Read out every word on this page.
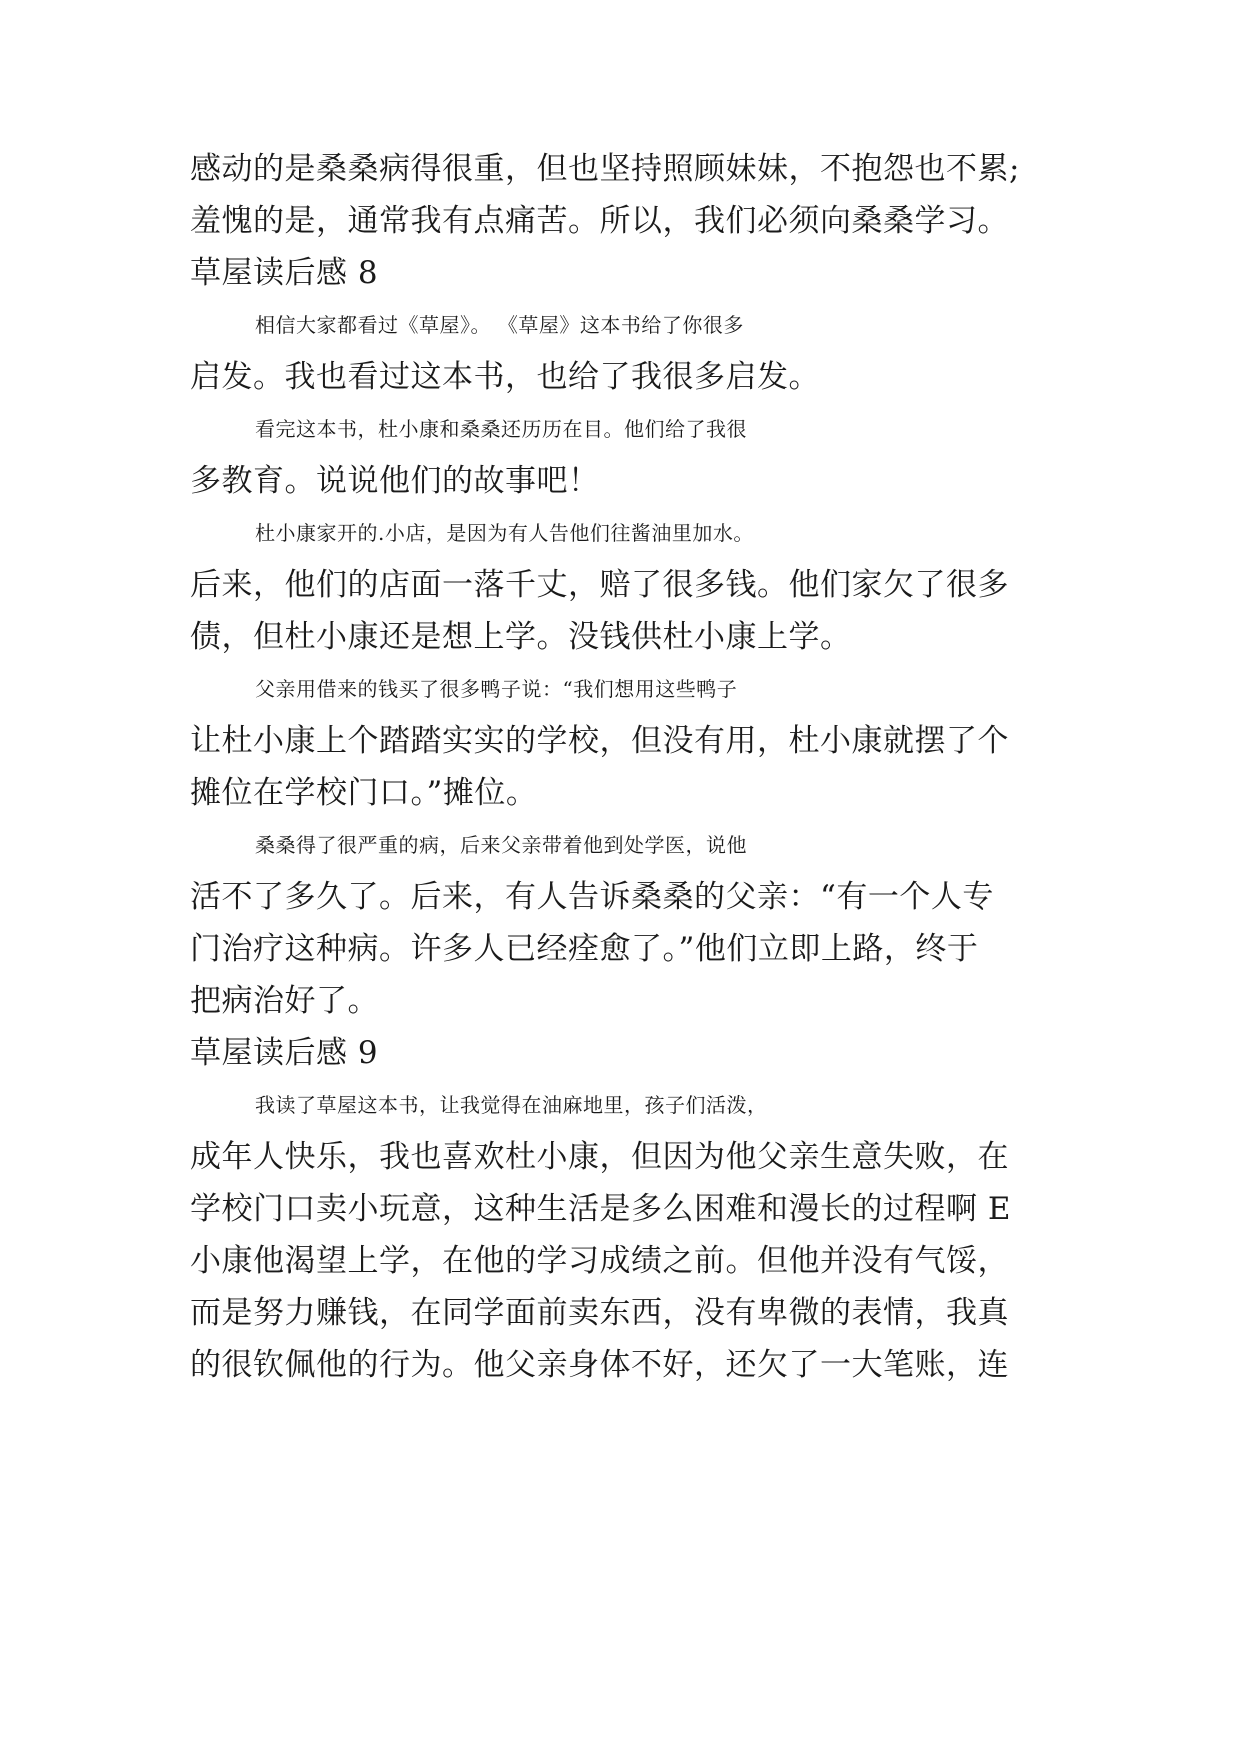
感动的是桑桑病得很重，但也坚持照顾妹妹，不抱怨也不累;
羞愧的是，通常我有点痛苦。所以，我们必须向桑桑学习。
草屋读后感 8
相信大家都看过《草屋》。 《草屋》这本书给了你很多
启发。我也看过这本书，也给了我很多启发。
看完这本书，杜小康和桑桑还历历在目。他们给了我很
多教育。说说他们的故事吧！
杜小康家开的.小店，是因为有人告他们往酱油里加水。
后来，他们的店面一落千丈，赔了很多钱。他们家欠了很多
债，但杜小康还是想上学。没钱供杜小康上学。
父亲用借来的钱买了很多鸭子说：“我们想用这些鸭子
让杜小康上个踏踏实实的学校，但没有用，杜小康就摆了个
摊位在学校门口。”摊位。
桑桑得了很严重的病，后来父亲带着他到处学医，说他
活不了多久了。后来，有人告诉桑桑的父亲：“有一个人专
门治疗这种病。许多人已经痊愈了。”他们立即上路，终于
把病治好了。
草屋读后感 9
我读了草屋这本书，让我觉得在油麻地里，孩子们活泼，
成年人快乐，我也喜欢杜小康，但因为他父亲生意失败，在
学校门口卖小玩意，这种生活是多么困难和漫长的过程啊 E
小康他渴望上学，在他的学习成绩之前。但他并没有气馁，
而是努力赚钱，在同学面前卖东西，没有卑微的表情，我真
的很钦佩他的行为。他父亲身体不好，还欠了一大笔账，连
